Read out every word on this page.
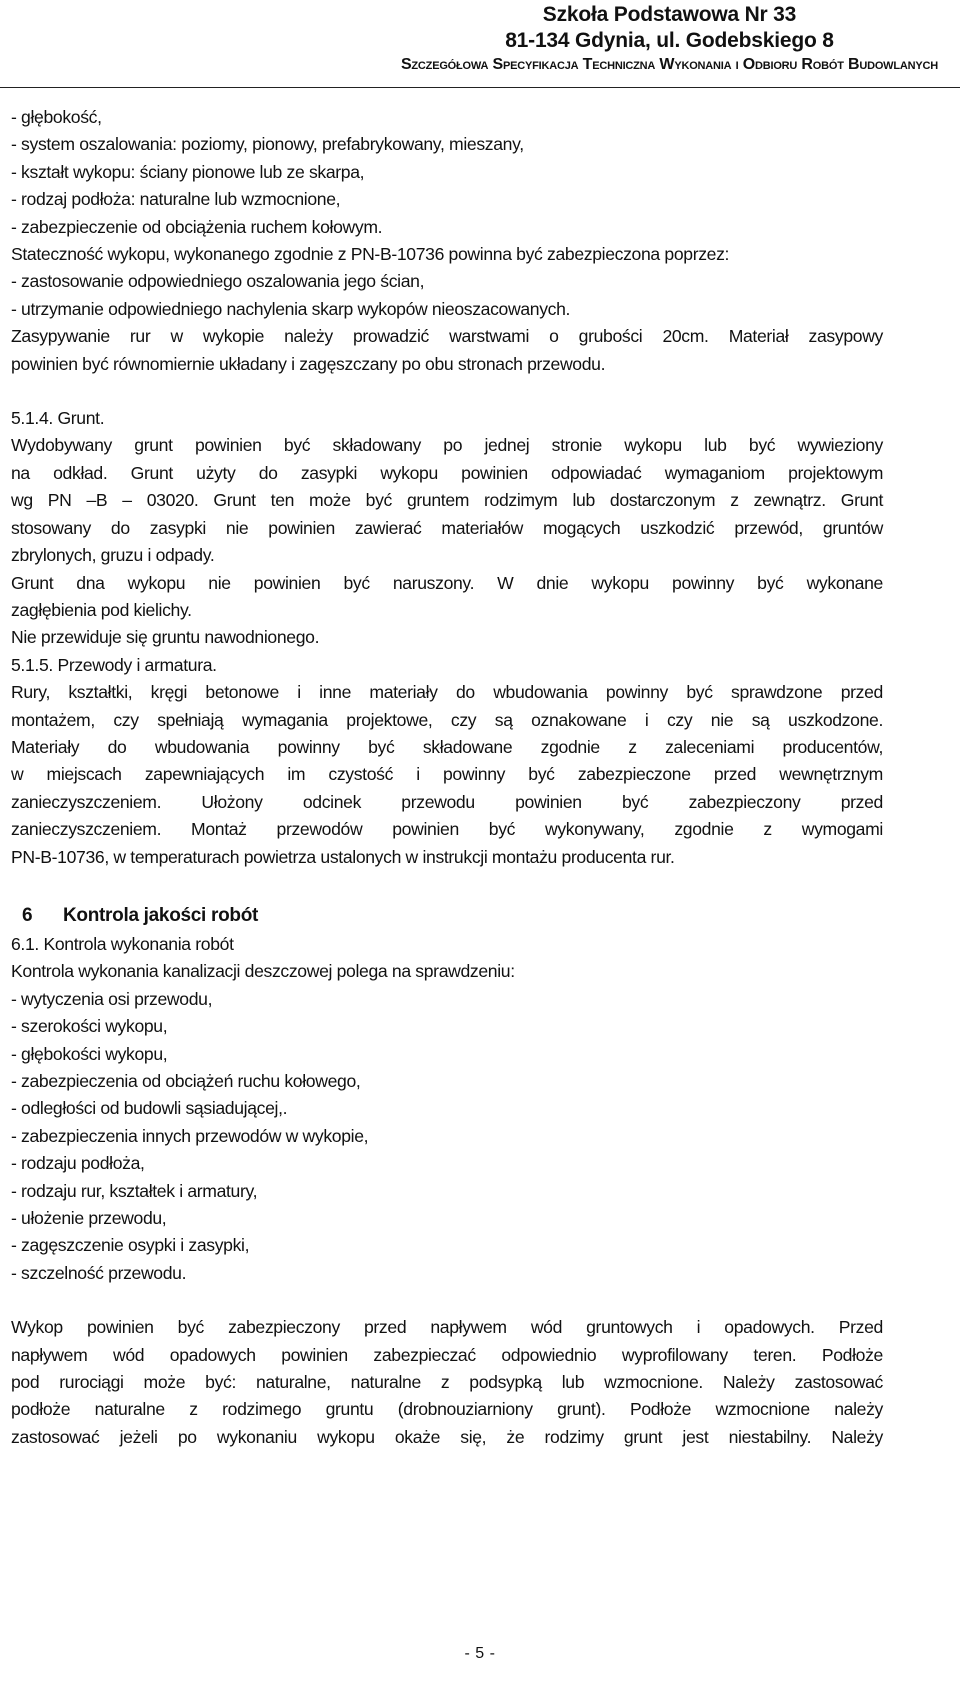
Szkoła Podstawowa Nr 33
81-134 Gdynia, ul. Godebskiego 8
Szczegółowa Specyfikacja Techniczna Wykonania i Odbioru Robót Budowlanych
- głębokość,
- system oszalowania: poziomy, pionowy, prefabrykowany, mieszany,
- kształt wykopu: ściany pionowe lub ze skarpa,
- rodzaj podłoża: naturalne lub wzmocnione,
- zabezpieczenie od obciążenia ruchem kołowym.
Stateczność wykopu, wykonanego zgodnie z PN-B-10736 powinna być zabezpieczona poprzez:
- zastosowanie odpowiedniego oszalowania jego ścian,
- utrzymanie odpowiedniego nachylenia skarp wykopów nieoszacowanych.
Zasypywanie rur w wykopie należy prowadzić warstwami o grubości 20cm. Materiał zasypowy
powinien być równomiernie układany i zagęszczany po obu stronach przewodu.
5.1.4. Grunt.
Wydobywany grunt powinien być składowany po jednej stronie wykopu lub być wywieziony
na odkład. Grunt użyty do zasypki wykopu powinien odpowiadać wymaganiom projektowym
wg PN –B – 03020. Grunt ten może być gruntem rodzimym lub dostarczonym z zewnątrz. Grunt
stosowany do zasypki nie powinien zawierać materiałów mogących uszkodzić przewód, gruntów
zbrylonych, gruzu i odpady.
Grunt dna wykopu nie powinien być naruszony. W dnie wykopu powinny być wykonane
zagłębienia pod kielichy.
Nie przewiduje się gruntu nawodnionego.
5.1.5. Przewody i armatura.
Rury, kształtki, kręgi betonowe i inne materiały do wbudowania powinny być sprawdzone przed
montażem, czy spełniają wymagania projektowe, czy są oznakowane i czy nie są uszkodzone.
Materiały do wbudowania powinny być składowane zgodnie z zaleceniami producentów,
w miejscach zapewniających im czystość i powinny być zabezpieczone przed wewnętrznym
zanieczyszczeniem. Ułożony odcinek przewodu powinien być zabezpieczony przed
zanieczyszczeniem. Montaż przewodów powinien być wykonywany, zgodnie z wymogami
PN-B-10736, w temperaturach powietrza ustalonych w instrukcji montażu producenta rur.
6 Kontrola jakości robót
6.1. Kontrola wykonania robót
Kontrola wykonania kanalizacji deszczowej polega na sprawdzeniu:
- wytyczenia osi przewodu,
- szerokości wykopu,
- głębokości wykopu,
- zabezpieczenia od obciążeń ruchu kołowego,
- odległości od budowli sąsiadującej,.
- zabezpieczenia innych przewodów w wykopie,
- rodzaju podłoża,
- rodzaju rur, kształtek i armatury,
- ułożenie przewodu,
- zagęszczenie osypki i zasypki,
- szczelność przewodu.
Wykop powinien być zabezpieczony przed napływem wód gruntowych i opadowych. Przed
napływem wód opadowych powinien zabezpieczać odpowiednio wyprofilowany teren. Podłoże
pod rurociągi może być: naturalne, naturalne z podsypką lub wzmocnione. Należy zastosować
podłoże naturalne z rodzimego gruntu (drobnouziarniony grunt). Podłoże wzmocnione należy
zastosować jeżeli po wykonaniu wykopu okaże się, że rodzimy grunt jest niestabilny. Należy
- 5 -
